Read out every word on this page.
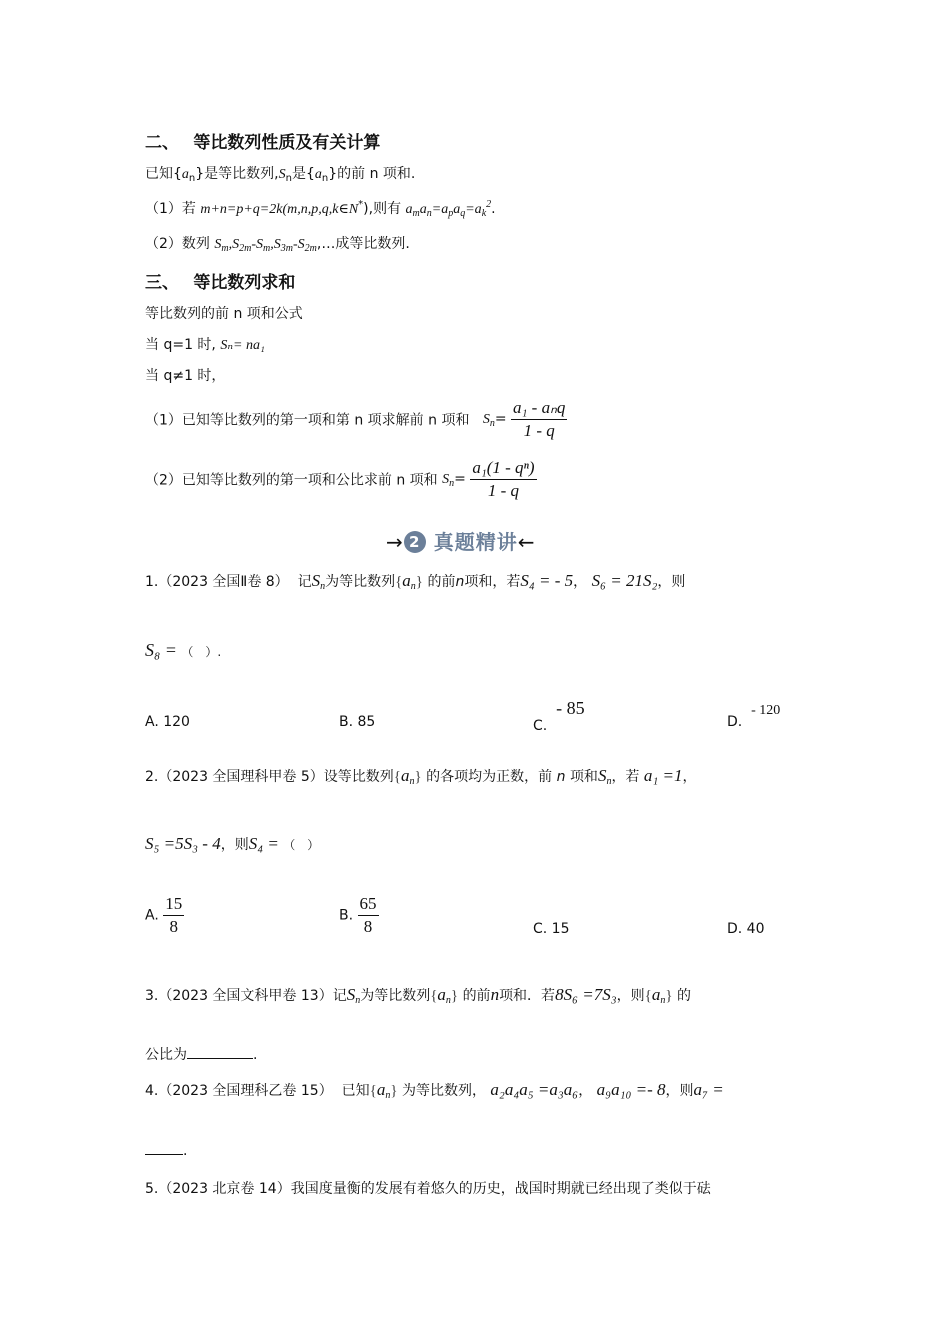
二、　 等比数列性质及有关计算
已知$\{a_n\}$是等比数列$,S_n$是$\{a_n\}$的前 n 项和.
（1）若 m+n=p+q=2k(m,n,p,q,k∈N*),则有 $a_ma_n=a_pa_q=a_k^2$.
（2）数列 $S_m,S_{2m}-S_m,S_{3m}-S_{2m},\dots$成等比数列.
三、　 等比数列求和
等比数列的前 n 项和公式
当 q=1 时, Sₙ= na₁
当 q≠1 时，
（1）已知等比数列的第一项和第 n 项求解前 n 项和 $S_n= \frac{\text{a₁ - aₙq}}{1 - q}$
（2）已知等比数列的第一项和公比求前 n 项和 $S_n= \frac{\text{a₁(1 - qⁿ)}}{1 - q}$
→ 2 真题精讲←
1.（2023 全国Ⅱ卷 8） 记$S_n$为等比数列$\{a_n\}$ 的前n项和，若S₄ = - 5， S₆ = 21S₂，则
S₈ = （　）.
A. 120	B. 85	C.  - 85
D.  - 120
2.（2023 全国理科甲卷 5）设等比数列$\{a_n\}$ 的各项均为正数，前 n 项和$S_n$，若 a₁ =1，
S₅ =5S₃ - 4，则S₄ = （　）
A. $\frac{15}{8}$	B. $\frac{65}{8}$	C. 15	D. 40
3.（2023 全国文科甲卷 13）记$S_n$为等比数列$\{a_n\}$ 的前n项和．若8S₆ =7S₃，则$\{a_n\}$ 的
公比为	.
4.（2023 全国理科乙卷 15） 已知$\{a_n\}$ 为等比数列， a₂a₄a₅ =a₃a₆， a₉a₁₀ =- 8，则a₇ =
.
5.（2023 北京卷 14）我国度量衡的发展有着悠久的历史，战国时期就已经出现了类似于砝
